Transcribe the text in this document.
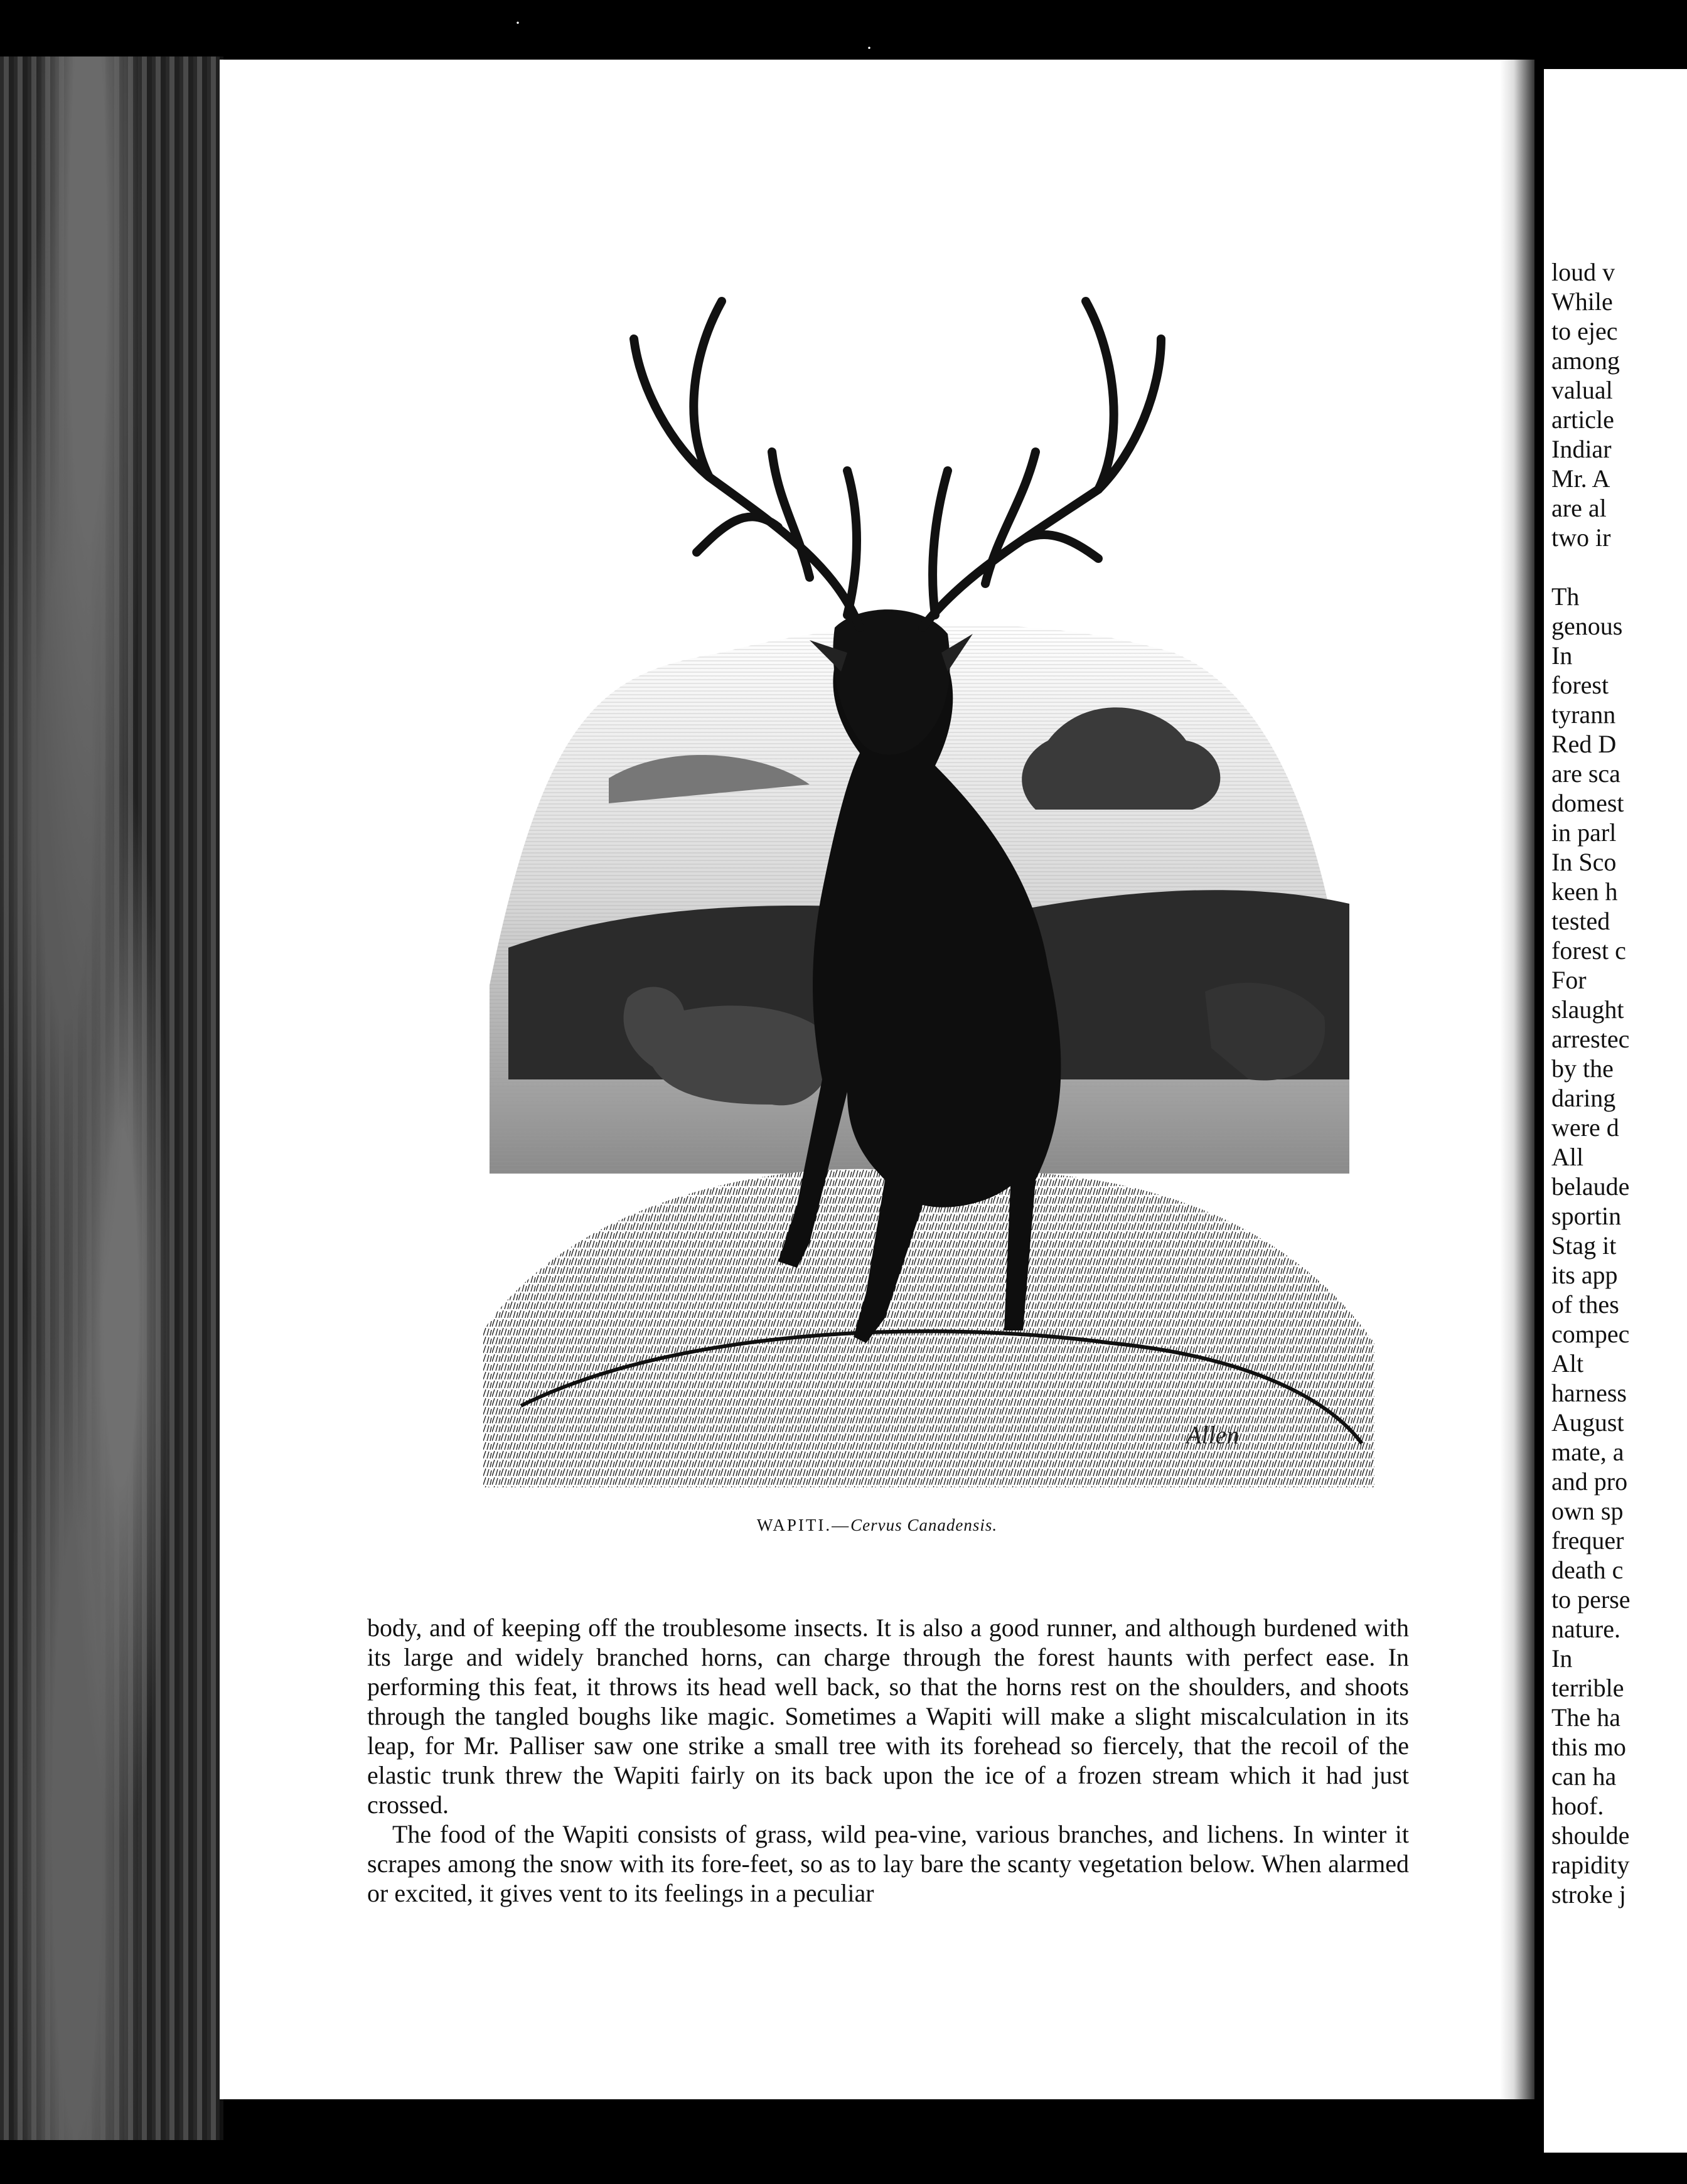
Allen
WAPITI.—Cervus Canadensis.

body, and of keeping off the troublesome insects. It is also a good runner, and although burdened with its large and widely branched horns, can charge through the forest haunts with perfect ease. In performing this feat, it throws its head well back, so that the horns rest on the shoulders, and shoots through the tangled boughs like magic. Sometimes a Wapiti will make a slight miscalculation in its leap, for Mr. Palliser saw one strike a small tree with its forehead so fiercely, that the recoil of the elastic trunk threw the Wapiti fairly on its back upon the ice of a frozen stream which it had just crossed.

The food of the Wapiti consists of grass, wild pea-vine, various branches, and lichens. In winter it scrapes among the snow with its fore-feet, so as to lay bare the scanty vegetation below. When alarmed or excited, it gives vent to its feelings in a peculiar

loud v
While
to ejec
among
valual
article
Indiar
Mr. A
are al
two ir
Th
genous
In
forest
tyrann
Red D
are sca
domest
in parl
In Sco
keen h
tested
forest c
For
slaught
arrestec
by the
daring
were d
All
belaude
sportin
Stag it
its app
of thes
compec
Alt
harness
August
mate, a
and pro
own sp
frequer
death c
to perse
nature.
In
terrible
The ha
this mo
can ha
hoof.
shoulde
rapidity
stroke j
·
·
